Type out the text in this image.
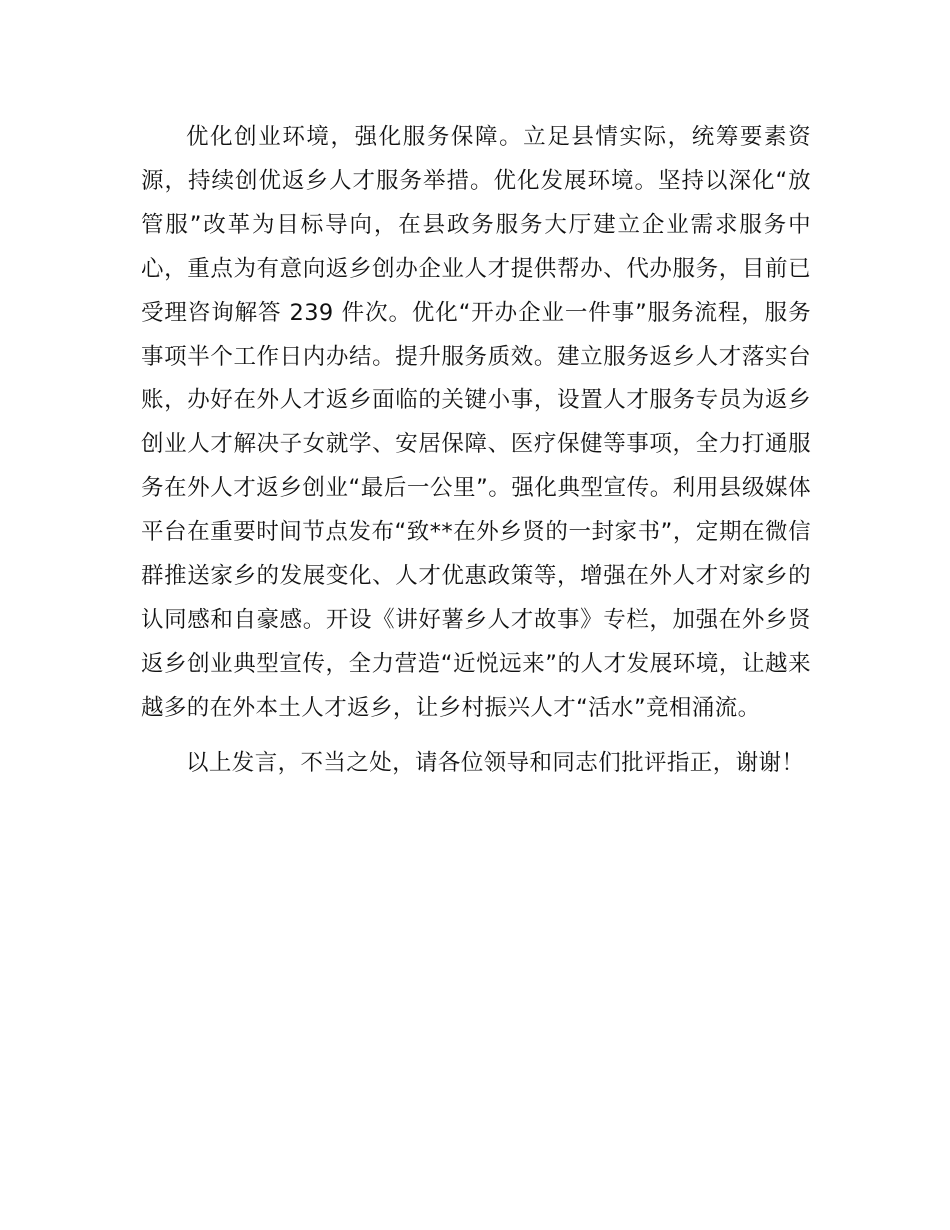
优化创业环境，强化服务保障。立足县情实际，统筹要素资源，持续创优返乡人才服务举措。优化发展环境。坚持以深化“放管服”改革为目标导向，在县政务服务大厅建立企业需求服务中心，重点为有意向返乡创办企业人才提供帮办、代办服务，目前已受理咨询解答 239 件次。优化“开办企业一件事”服务流程，服务事项半个工作日内办结。提升服务质效。建立服务返乡人才落实台账，办好在外人才返乡面临的关键小事，设置人才服务专员为返乡创业人才解决子女就学、安居保障、医疗保健等事项，全力打通服务在外人才返乡创业“最后一公里”。强化典型宣传。利用县级媒体平台在重要时间节点发布“致**在外乡贤的一封家书”，定期在微信群推送家乡的发展变化、人才优惠政策等，增强在外人才对家乡的认同感和自豪感。开设《讲好薯乡人才故事》专栏，加强在外乡贤返乡创业典型宣传，全力营造“近悦远来”的人才发展环境，让越来越多的在外本土人才返乡，让乡村振兴人才“活水”竞相涌流。

以上发言，不当之处，请各位领导和同志们批评指正，谢谢！
